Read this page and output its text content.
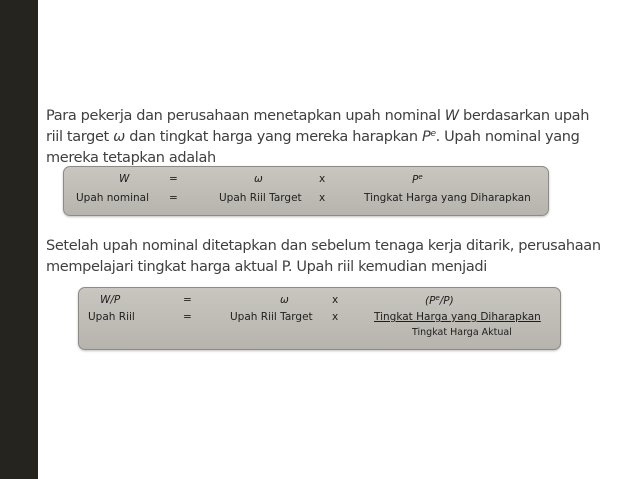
Para pekerja dan perusahaan menetapkan upah nominal W berdasarkan upah riil target ω dan tingkat harga yang mereka harapkan $P^e$. Upah nominal yang mereka tetapkan adalah
W	=	ω	x	$P^e$
Upah nominal =	Upah Riil Target x	Tingkat Harga yang Diharapkan
Setelah upah nominal ditetapkan dan sebelum tenaga kerja ditarik, perusahaan mempelajari tingkat harga aktual P. Upah riil kemudian menjadi
W/P	=	ω	x	$(P^e/P)$
Upah Riil	=	Upah Riil Target x	Tingkat Harga yang Diharapkan
Tingkat Harga Aktual
